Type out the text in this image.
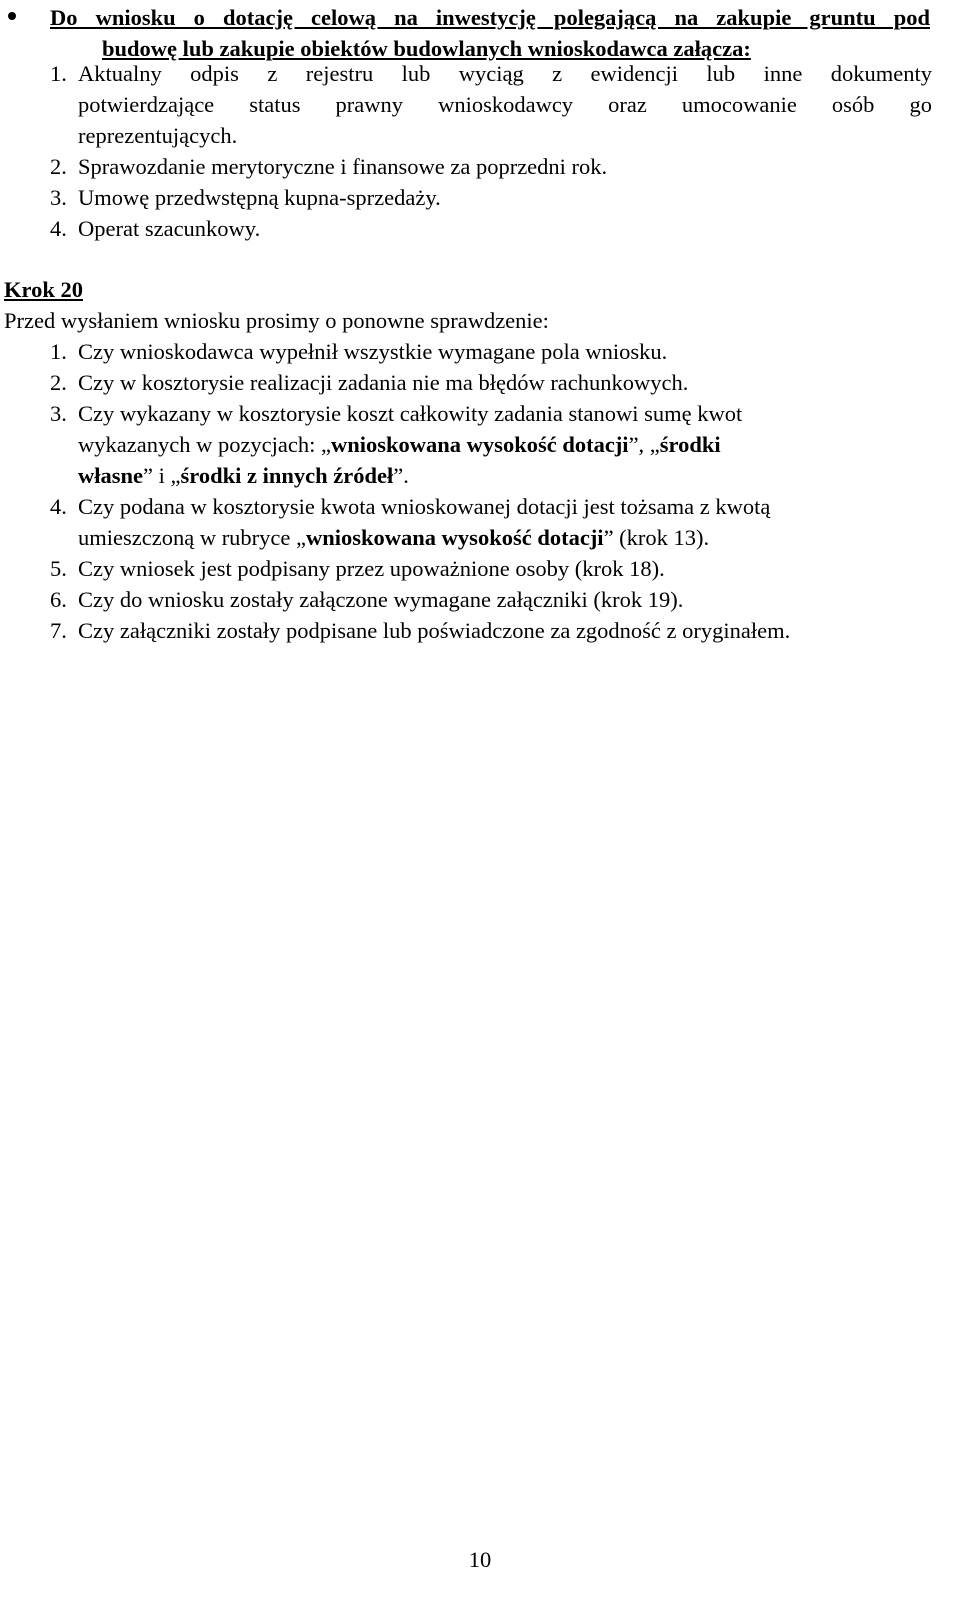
Do wniosku o dotację celową na inwestycję polegającą na zakupie gruntu pod
budowę lub zakupie obiektów budowlanych wnioskodawca załącza:
1. Aktualny odpis z rejestru lub wyciąg z ewidencji lub inne dokumenty
potwierdzające status prawny wnioskodawcy oraz umocowanie osób go
reprezentujących.
2. Sprawozdanie merytoryczne i finansowe za poprzedni rok.
3. Umowę przedwstępną kupna-sprzedaży.
4. Operat szacunkowy.
Krok 20
Przed wysłaniem wniosku prosimy o ponowne sprawdzenie:
1. Czy wnioskodawca wypełnił wszystkie wymagane pola wniosku.
2. Czy w kosztorysie realizacji zadania nie ma błędów rachunkowych.
3. Czy wykazany w kosztorysie koszt całkowity zadania stanowi sumę kwot
wykazanych w pozycjach: „wnioskowana wysokość dotacji”, „środki
własne” i „środki z innych źródeł”.
4. Czy podana w kosztorysie kwota wnioskowanej dotacji jest tożsama z kwotą
umieszczoną w rubryce „wnioskowana wysokość dotacji” (krok 13).
5. Czy wniosek jest podpisany przez upoważnione osoby (krok 18).
6. Czy do wniosku zostały załączone wymagane załączniki (krok 19).
7. Czy załączniki zostały podpisane lub poświadczone za zgodność z oryginałem.
10
